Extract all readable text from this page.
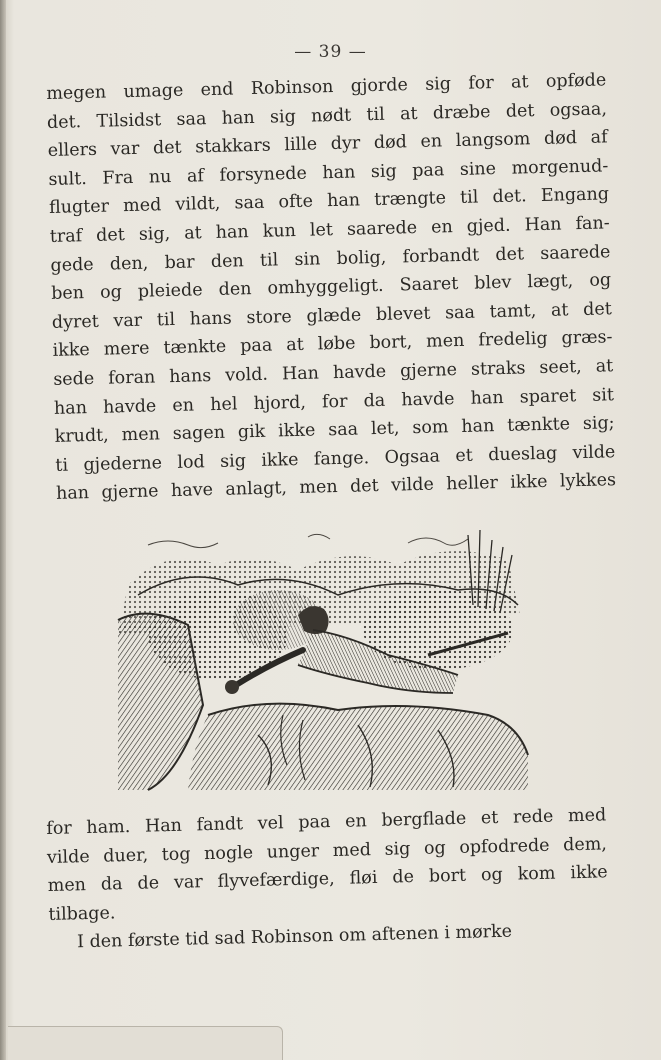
— 39 —
megen umage end Robinson gjorde sig for at opføde
det. Tilsidst saa han sig nødt til at dræbe det ogsaa,
ellers var det stakkars lille dyr død en langsom død af
sult. Fra nu af forsynede han sig paa sine morgenud-
flugter med vildt, saa ofte han trængte til det. Engang
traf det sig, at han kun let saarede en gjed. Han fan-
gede den, bar den til sin bolig, forbandt det saarede
ben og pleiede den omhyggeligt. Saaret blev lægt, og
dyret var til hans store glæde blevet saa tamt, at det
ikke mere tænkte paa at løbe bort, men fredelig græs-
sede foran hans vold. Han havde gjerne straks seet, at
han havde en hel hjord, for da havde han sparet sit
krudt, men sagen gik ikke saa let, som han tænkte sig;
ti gjederne lod sig ikke fange. Ogsaa et dueslag vilde
han gjerne have anlagt, men det vilde heller ikke lykkes
for ham. Han fandt vel paa en bergflade et rede med
vilde duer, tog nogle unger med sig og opfodrede dem,
men da de var flyvefærdige, fløi de bort og kom ikke
tilbage.
I den første tid sad Robinson om aftenen i mørke
